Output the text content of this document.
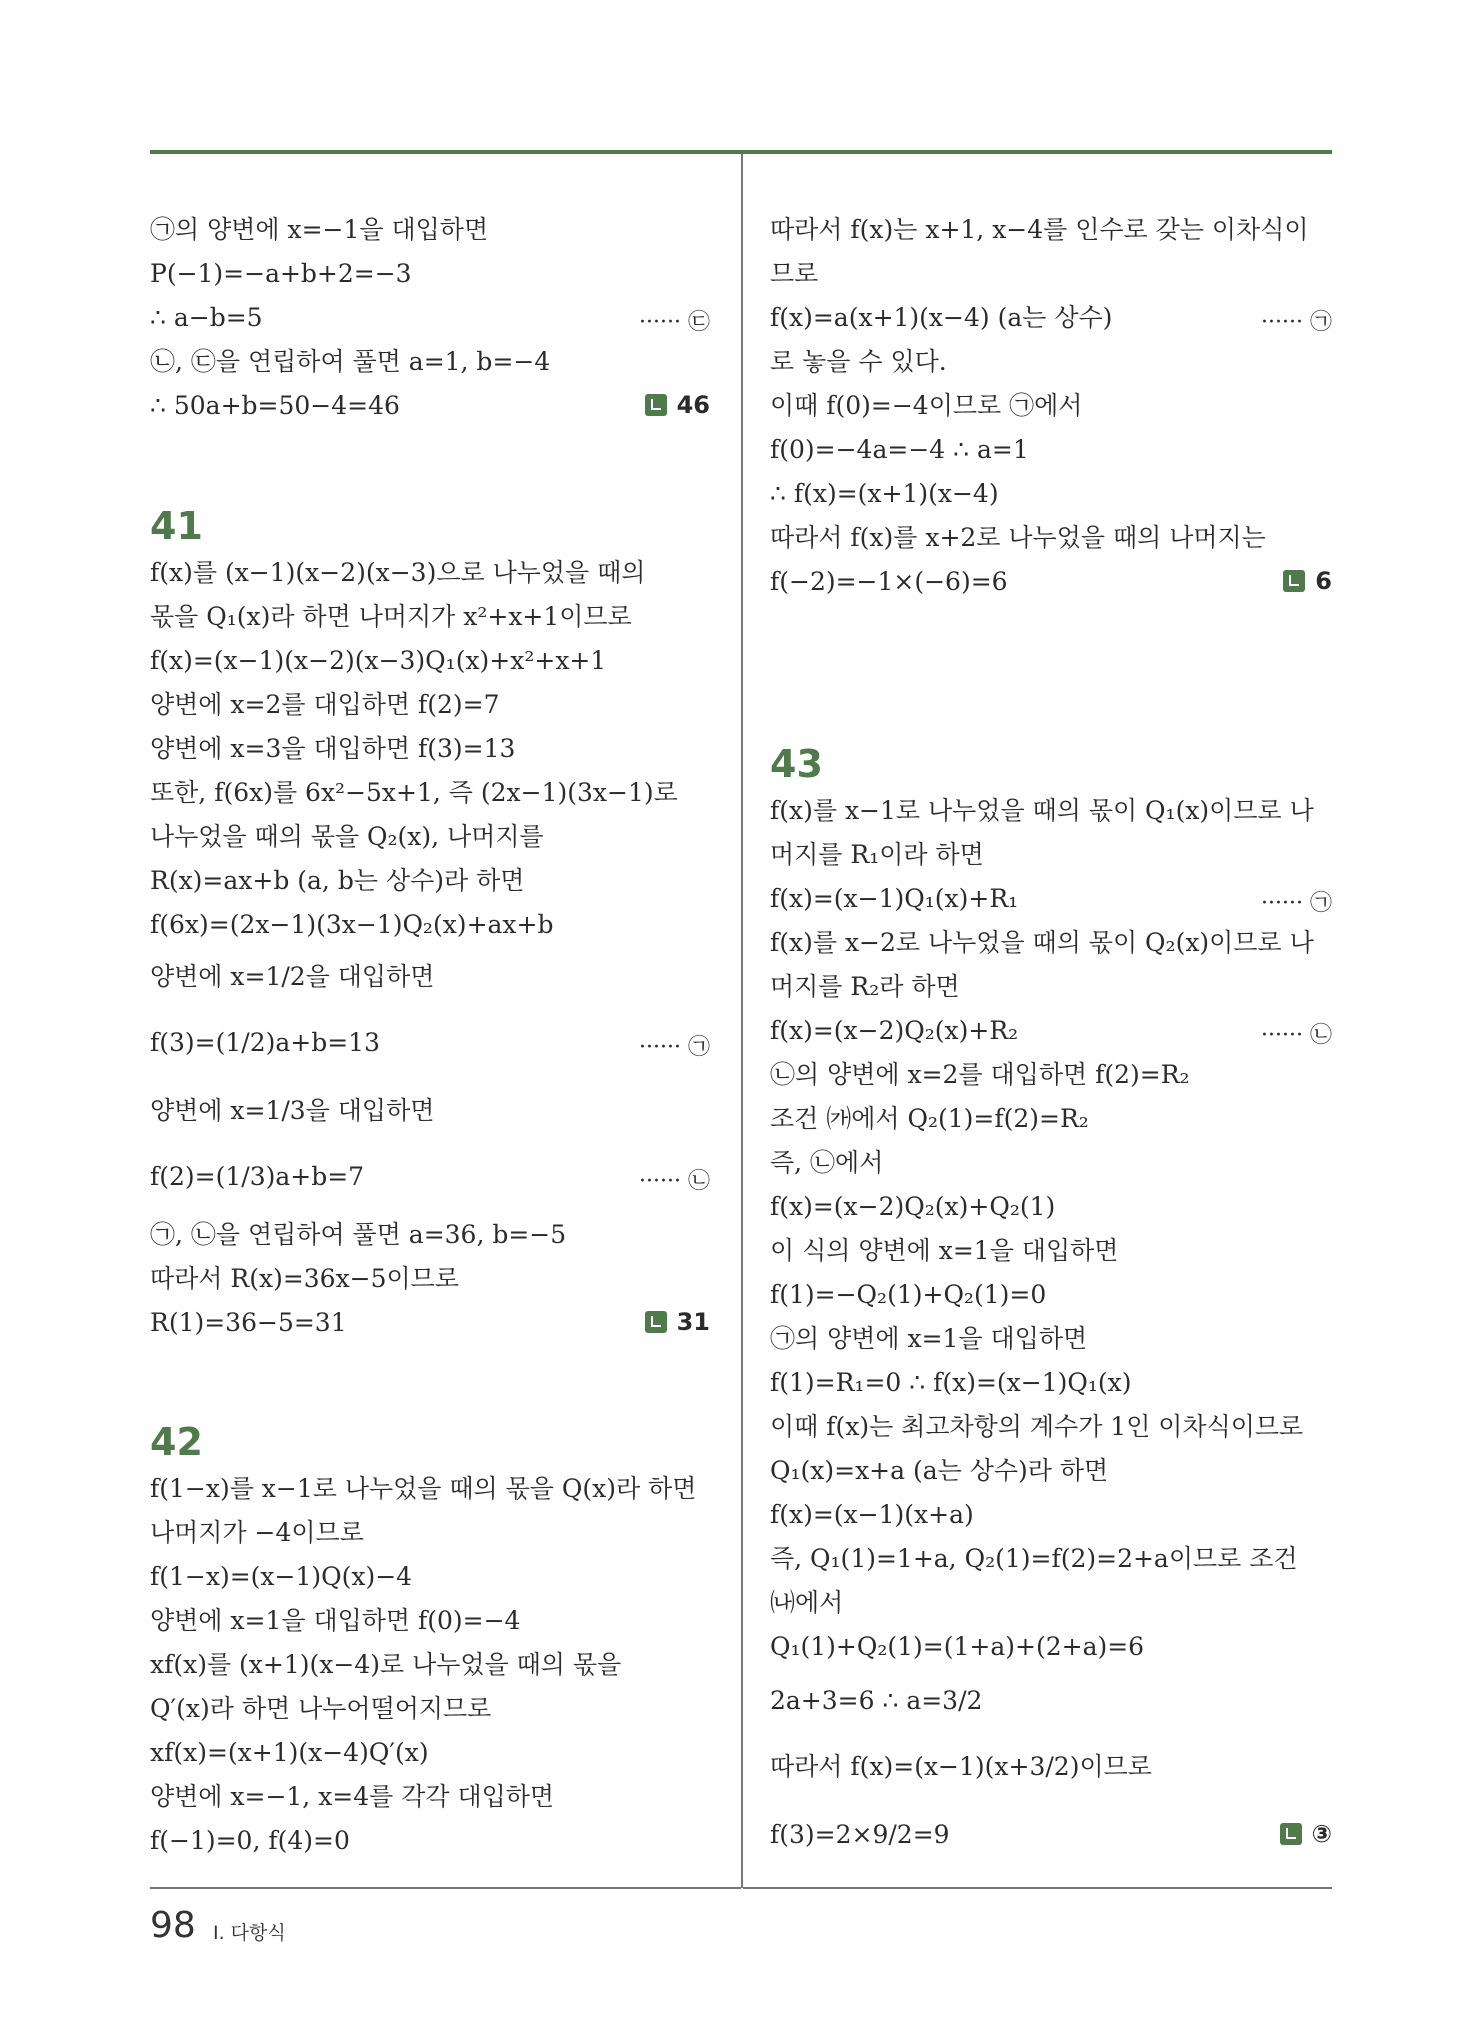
㉠의 양변에 x=−1을 대입하면
P(−1)=−a+b+2=−3
∴ a−b=5	······ ㉢
㉡, ㉢을 연립하여 풀면 a=1, b=−4
∴ 50a+b=50−4=46	46
41
f(x)를 (x−1)(x−2)(x−3)으로 나누었을 때의
몫을 Q₁(x)라 하면 나머지가 x²+x+1이므로
f(x)=(x−1)(x−2)(x−3)Q₁(x)+x²+x+1
양변에 x=2를 대입하면 f(2)=7
양변에 x=3을 대입하면 f(3)=13
또한, f(6x)를 6x²−5x+1, 즉 (2x−1)(3x−1)로
나누었을 때의 몫을 Q₂(x), 나머지를
R(x)=ax+b (a, b는 상수)라 하면
f(6x)=(2x−1)(3x−1)Q₂(x)+ax+b
양변에 x=1/2을 대입하면
f(3)=(1/2)a+b=13	······ ㉠
양변에 x=1/3을 대입하면
f(2)=(1/3)a+b=7	······ ㉡
㉠, ㉡을 연립하여 풀면 a=36, b=−5
따라서 R(x)=36x−5이므로
R(1)=36−5=31	31
42
f(1−x)를 x−1로 나누었을 때의 몫을 Q(x)라 하면
나머지가 −4이므로
f(1−x)=(x−1)Q(x)−4
양변에 x=1을 대입하면 f(0)=−4
xf(x)를 (x+1)(x−4)로 나누었을 때의 몫을
Q′(x)라 하면 나누어떨어지므로
xf(x)=(x+1)(x−4)Q′(x)
양변에 x=−1, x=4를 각각 대입하면
f(−1)=0, f(4)=0
따라서 f(x)는 x+1, x−4를 인수로 갖는 이차식이
므로
f(x)=a(x+1)(x−4) (a는 상수)	······ ㉠
로 놓을 수 있다.
이때 f(0)=−4이므로 ㉠에서
f(0)=−4a=−4 ∴ a=1
∴ f(x)=(x+1)(x−4)
따라서 f(x)를 x+2로 나누었을 때의 나머지는
f(−2)=−1×(−6)=6	6
43
f(x)를 x−1로 나누었을 때의 몫이 Q₁(x)이므로 나
머지를 R₁이라 하면
f(x)=(x−1)Q₁(x)+R₁	······ ㉠
f(x)를 x−2로 나누었을 때의 몫이 Q₂(x)이므로 나
머지를 R₂라 하면
f(x)=(x−2)Q₂(x)+R₂	······ ㉡
㉡의 양변에 x=2를 대입하면 f(2)=R₂
조건 ㈎에서 Q₂(1)=f(2)=R₂
즉, ㉡에서
f(x)=(x−2)Q₂(x)+Q₂(1)
이 식의 양변에 x=1을 대입하면
f(1)=−Q₂(1)+Q₂(1)=0
㉠의 양변에 x=1을 대입하면
f(1)=R₁=0 ∴ f(x)=(x−1)Q₁(x)
이때 f(x)는 최고차항의 계수가 1인 이차식이므로
Q₁(x)=x+a (a는 상수)라 하면
f(x)=(x−1)(x+a)
즉, Q₁(1)=1+a, Q₂(1)=f(2)=2+a이므로 조건
㈏에서
Q₁(1)+Q₂(1)=(1+a)+(2+a)=6
2a+3=6 ∴ a=3/2
따라서 f(x)=(x−1)(x+3/2)이므로
f(3)=2×9/2=9	③
98 Ⅰ. 다항식
